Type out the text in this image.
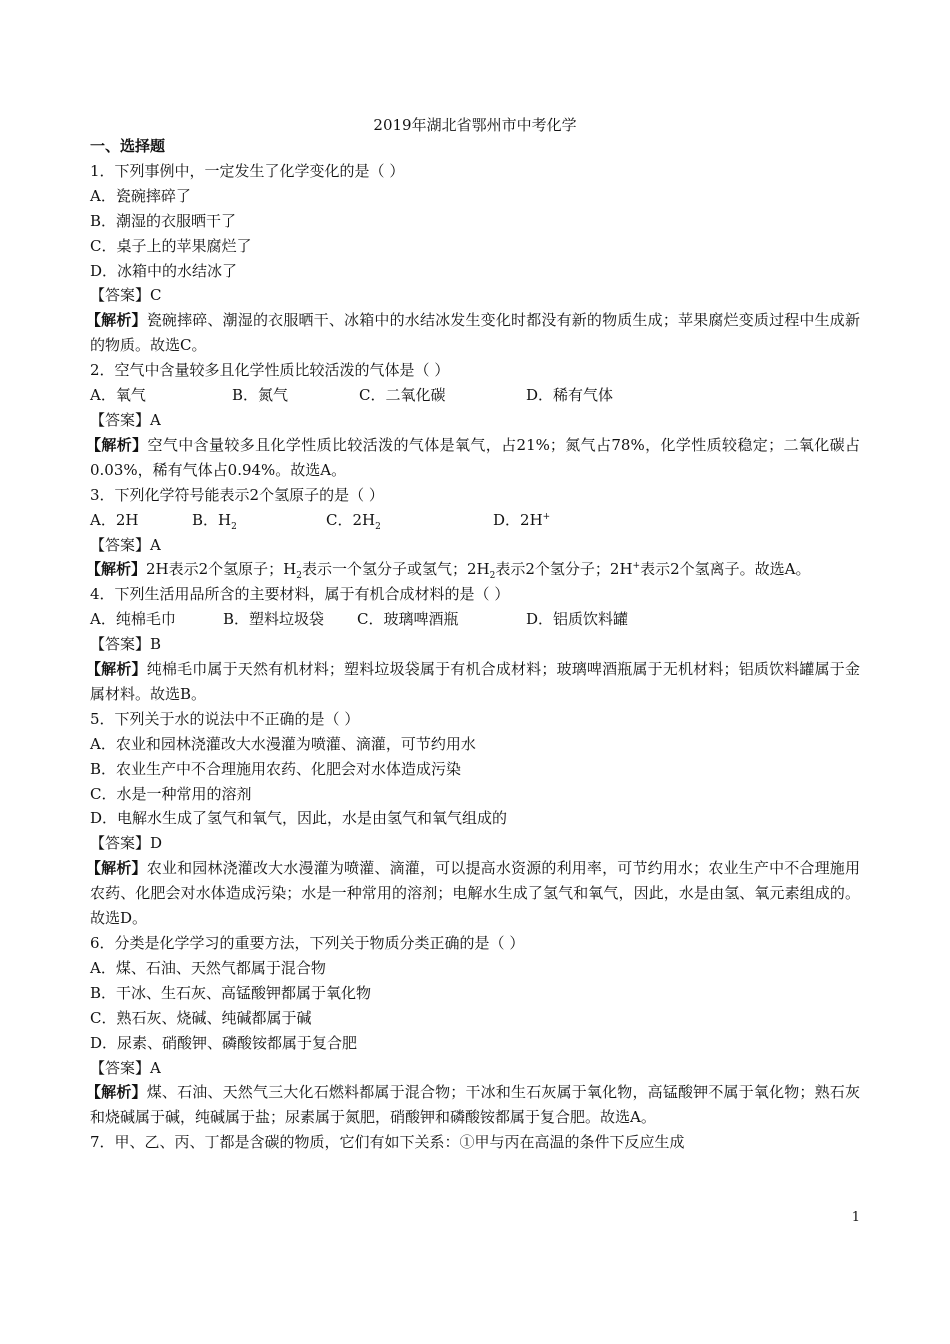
2019年湖北省鄂州市中考化学

一、选择题

1．下列事例中，一定发生了化学变化的是（ ）

A．瓷碗摔碎了

B．潮湿的衣服晒干了

C．桌子上的苹果腐烂了

D．冰箱中的水结冰了

【答案】C

【解析】瓷碗摔碎、潮湿的衣服晒干、冰箱中的水结冰发生变化时都没有新的物质生成；苹果腐烂变质过程中生成新的物质。故选C。

2．空气中含量较多且化学性质比较活泼的气体是（ ）

A．氧气	B．氮气	C．二氧化碳	D．稀有气体

【答案】A

【解析】空气中含量较多且化学性质比较活泼的气体是氧气，占21%；氮气占78%，化学性质较稳定；二氧化碳占0.03%，稀有气体占0.94%。故选A。

3．下列化学符号能表示2个氢原子的是（ ）

A．2H	B．$H_2$	C．$2H_2$	D．2H+

【答案】A

【解析】2H表示2个氢原子；$H_2$表示一个氢分子或氢气；$2H_2$表示2个氢分子；2H+表示2个氢离子。故选A。

4．下列生活用品所含的主要材料，属于有机合成材料的是（ ）

A．纯棉毛巾	B．塑料垃圾袋 C．玻璃啤酒瓶	D．铝质饮料罐

【答案】B

【解析】纯棉毛巾属于天然有机材料；塑料垃圾袋属于有机合成材料；玻璃啤酒瓶属于无机材料；铝质饮料罐属于金属材料。故选B。

5．下列关于水的说法中不正确的是（ ）

A．农业和园林浇灌改大水漫灌为喷灌、滴灌，可节约用水

B．农业生产中不合理施用农药、化肥会对水体造成污染

C．水是一种常用的溶剂

D．电解水生成了氢气和氧气，因此，水是由氢气和氧气组成的

【答案】D

【解析】农业和园林浇灌改大水漫灌为喷灌、滴灌，可以提高水资源的利用率，可节约用水；农业生产中不合理施用农药、化肥会对水体造成污染；水是一种常用的溶剂；电解水生成了氢气和氧气，因此，水是由氢、氧元素组成的。故选D。

6．分类是化学学习的重要方法，下列关于物质分类正确的是（ ）

A．煤、石油、天然气都属于混合物

B．干冰、生石灰、高锰酸钾都属于氧化物

C．熟石灰、烧碱、纯碱都属于碱

D．尿素、硝酸钾、磷酸铵都属于复合肥

【答案】A

【解析】煤、石油、天然气三大化石燃料都属于混合物；干冰和生石灰属于氧化物，高锰酸钾不属于氧化物；熟石灰和烧碱属于碱，纯碱属于盐；尿素属于氮肥，硝酸钾和磷酸铵都属于复合肥。故选A。

7．甲、乙、丙、丁都是含碳的物质，它们有如下关系：①甲与丙在高温的条件下反应生成

1
